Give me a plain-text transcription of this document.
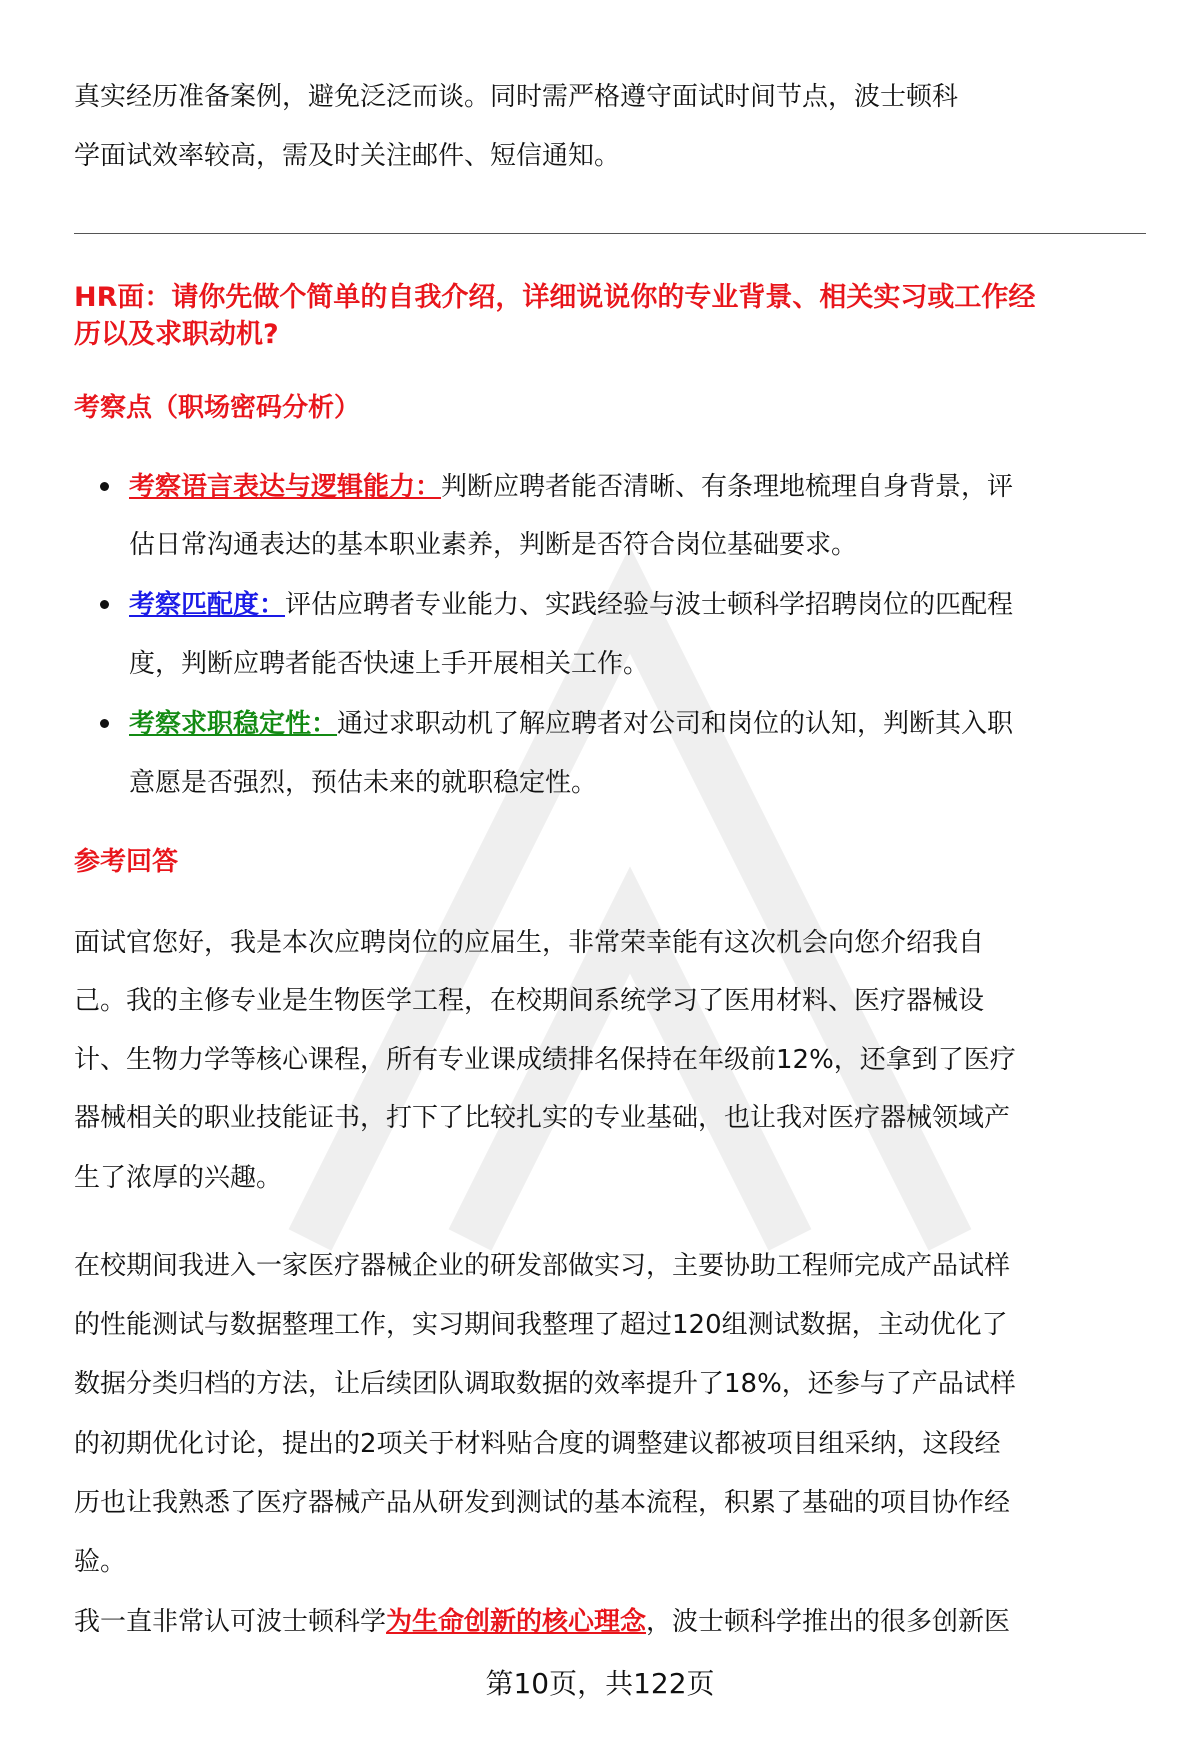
真实经历准备案例，避免泛泛而谈。同时需严格遵守面试时间节点，波士顿科
学面试效率较高，需及时关注邮件、短信通知。
HR面：请你先做个简单的自我介绍，详细说说你的专业背景、相关实习或工作经
历以及求职动机?
考察点（职场密码分析）
考察语言表达与逻辑能力：判断应聘者能否清晰、有条理地梳理自身背景，评
估日常沟通表达的基本职业素养，判断是否符合岗位基础要求。
考察匹配度：评估应聘者专业能力、实践经验与波士顿科学招聘岗位的匹配程
度，判断应聘者能否快速上手开展相关工作。
考察求职稳定性：通过求职动机了解应聘者对公司和岗位的认知，判断其入职
意愿是否强烈，预估未来的就职稳定性。
参考回答
面试官您好，我是本次应聘岗位的应届生，非常荣幸能有这次机会向您介绍我自
己。我的主修专业是生物医学工程，在校期间系统学习了医用材料、医疗器械设
计、生物力学等核心课程，所有专业课成绩排名保持在年级前12%，还拿到了医疗
器械相关的职业技能证书，打下了比较扎实的专业基础，也让我对医疗器械领域产
生了浓厚的兴趣。
在校期间我进入一家医疗器械企业的研发部做实习，主要协助工程师完成产品试样
的性能测试与数据整理工作，实习期间我整理了超过120组测试数据，主动优化了
数据分类归档的方法，让后续团队调取数据的效率提升了18%，还参与了产品试样
的初期优化讨论，提出的2项关于材料贴合度的调整建议都被项目组采纳，这段经
历也让我熟悉了医疗器械产品从研发到测试的基本流程，积累了基础的项目协作经
验。
我一直非常认可波士顿科学为生命创新的核心理念，波士顿科学推出的很多创新医
第10页，共122页
